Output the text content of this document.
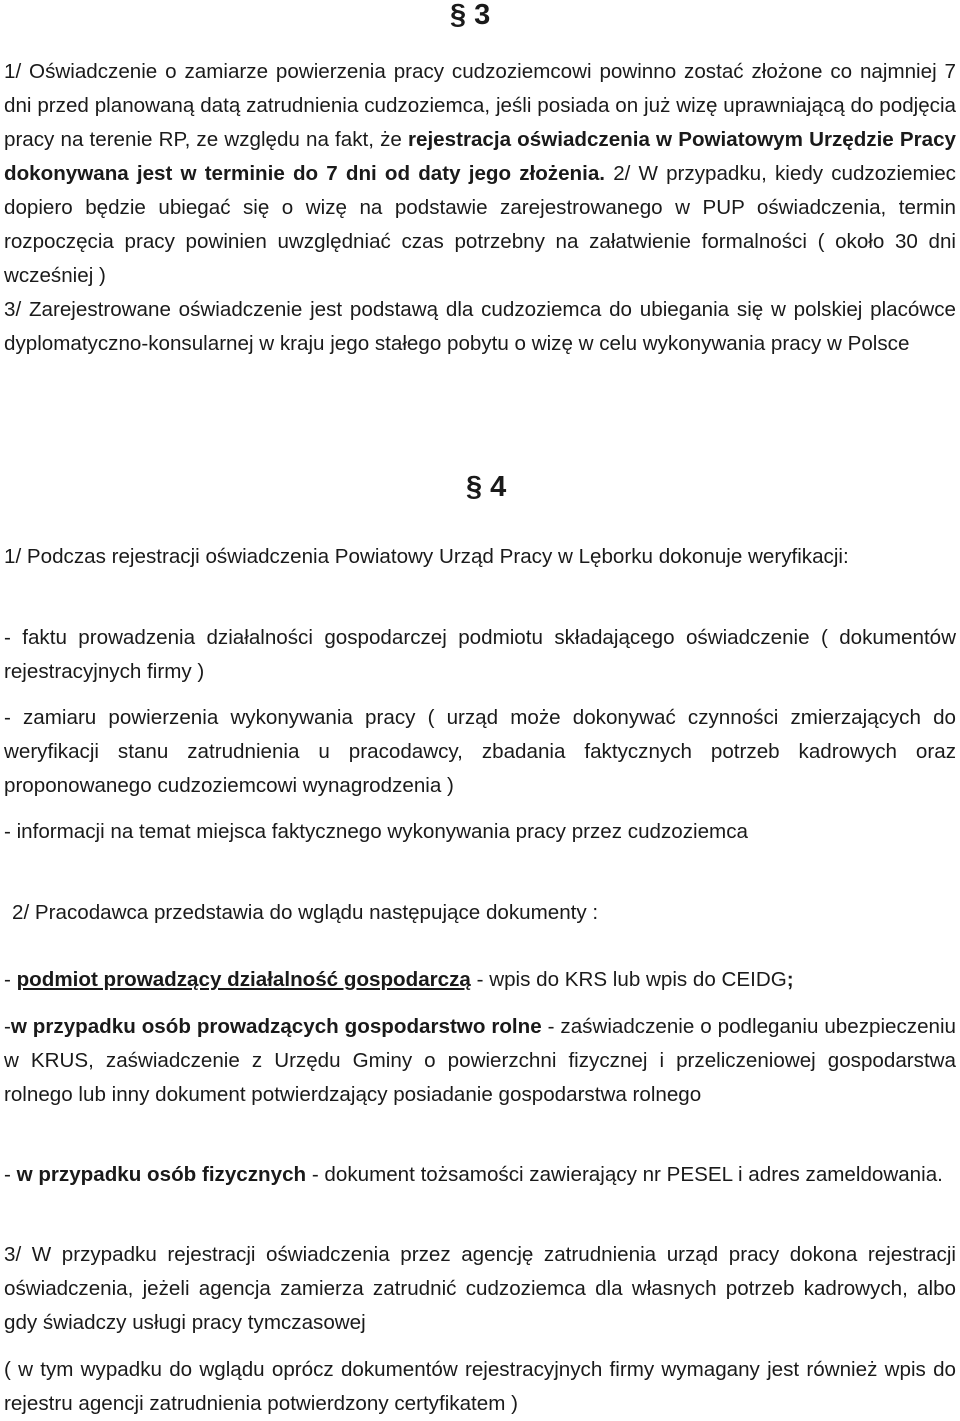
§ 3

1/ Oświadczenie o zamiarze powierzenia pracy cudzoziemcowi powinno zostać złożone co najmniej 7 dni przed planowaną datą zatrudnienia cudzoziemca, jeśli posiada on już wizę uprawniającą do podjęcia pracy na terenie RP, ze względu na fakt, że rejestracja oświadczenia w Powiatowym Urzędzie Pracy dokonywana jest w terminie do 7 dni od daty jego złożenia. 2/ W przypadku, kiedy cudzoziemiec dopiero będzie ubiegać się o wizę na podstawie zarejestrowanego w PUP oświadczenia, termin rozpoczęcia pracy powinien uwzględniać czas potrzebny na załatwienie formalności ( około 30 dni wcześniej )

3/ Zarejestrowane oświadczenie jest podstawą dla cudzoziemca do ubiegania się w polskiej placówce dyplomatyczno-konsularnej w kraju jego stałego pobytu o wizę w celu wykonywania pracy w Polsce

§ 4

1/ Podczas rejestracji oświadczenia Powiatowy Urząd Pracy w Lęborku dokonuje weryfikacji:

- faktu prowadzenia działalności gospodarczej podmiotu składającego oświadczenie ( dokumentów rejestracyjnych firmy )

- zamiaru powierzenia wykonywania pracy ( urząd może dokonywać czynności zmierzających do weryfikacji stanu zatrudnienia u pracodawcy, zbadania faktycznych potrzeb kadrowych oraz proponowanego cudzoziemcowi wynagrodzenia )

- informacji na temat miejsca faktycznego wykonywania pracy przez cudzoziemca

2/ Pracodawca przedstawia do wglądu następujące dokumenty :

- podmiot prowadzący działalność gospodarczą - wpis do KRS lub wpis do CEIDG;

-w przypadku osób prowadzących gospodarstwo rolne - zaświadczenie o podleganiu ubezpieczeniu w KRUS, zaświadczenie z Urzędu Gminy o powierzchni fizycznej i przeliczeniowej gospodarstwa rolnego lub inny dokument potwierdzający posiadanie gospodarstwa rolnego

- w przypadku osób fizycznych - dokument tożsamości zawierający nr PESEL i adres zameldowania.

3/ W przypadku rejestracji oświadczenia przez agencję zatrudnienia urząd pracy dokona rejestracji oświadczenia, jeżeli agencja zamierza zatrudnić cudzoziemca dla własnych potrzeb kadrowych, albo gdy świadczy usługi pracy tymczasowej

( w tym wypadku do wglądu oprócz dokumentów rejestracyjnych firmy wymagany jest również wpis do rejestru agencji zatrudnienia potwierdzony certyfikatem )
